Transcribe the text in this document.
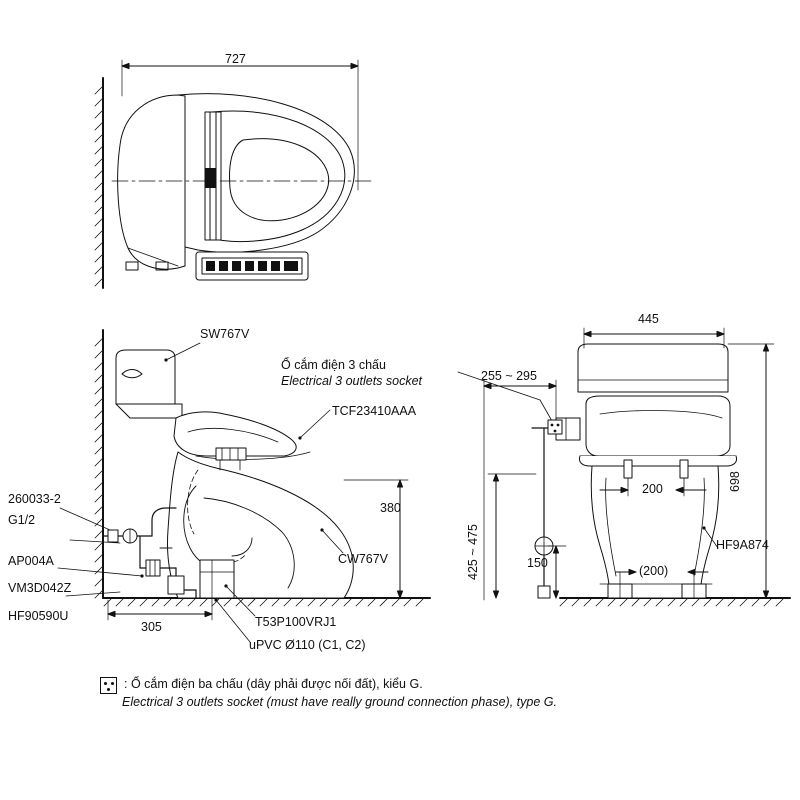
727
SW767V
Ổ cắm điện 3 chấu
Electrical 3 outlets socket
TCF23410AAA
CW767V
260033-2
G1/2
AP004A
VM3D042Z
HF90590U	T53P100VRJ1
uPVC Ø110 (C1, C2)
380
305
445
698
255 ~ 295
425 ~ 475
200
(200)
150
HF9A874
: Ổ cắm điện ba chấu (dây phải được nối đất), kiểu G.
Electrical 3 outlets socket (must have really ground connection phase), type G.
